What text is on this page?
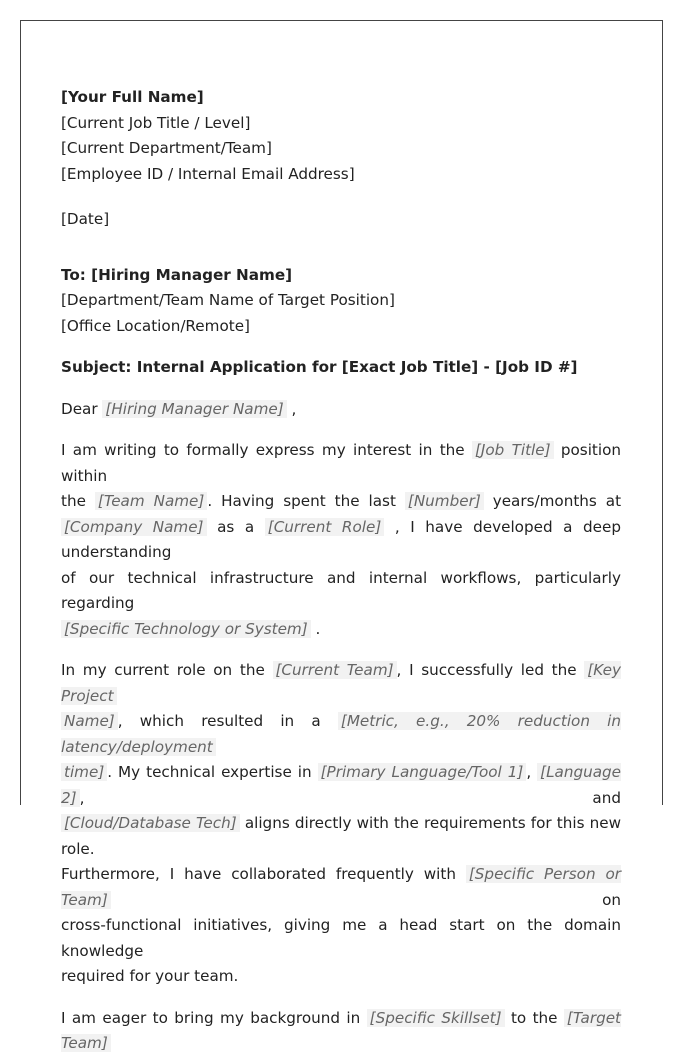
[Your Full Name]
[Current Job Title / Level]
[Current Department/Team]
[Employee ID / Internal Email Address]
[Date]
To: [Hiring Manager Name]
[Department/Team Name of Target Position]
[Office Location/Remote]
Subject: Internal Application for [Exact Job Title] - [Job ID #]
Dear [Hiring Manager Name] ,
I am writing to formally express my interest in the [Job Title] position within
the [Team Name] . Having spent the last [Number] years/months at
[Company Name] as a [Current Role] , I have developed a deep understanding
of our technical infrastructure and internal workflows, particularly regarding
[Specific Technology or System] .
In my current role on the [Current Team] , I successfully led the [Key Project
Name] , which resulted in a [Metric, e.g., 20% reduction in latency/deployment
time] . My technical expertise in [Primary Language/Tool 1] , [Language 2] , and
[Cloud/Database Tech] aligns directly with the requirements for this new role.
Furthermore, I have collaborated frequently with [Specific Person or Team]	on
cross-functional initiatives, giving me a head start on the domain knowledge
required for your team.
I am eager to bring my background in [Specific Skillset] to the [Target Team]
